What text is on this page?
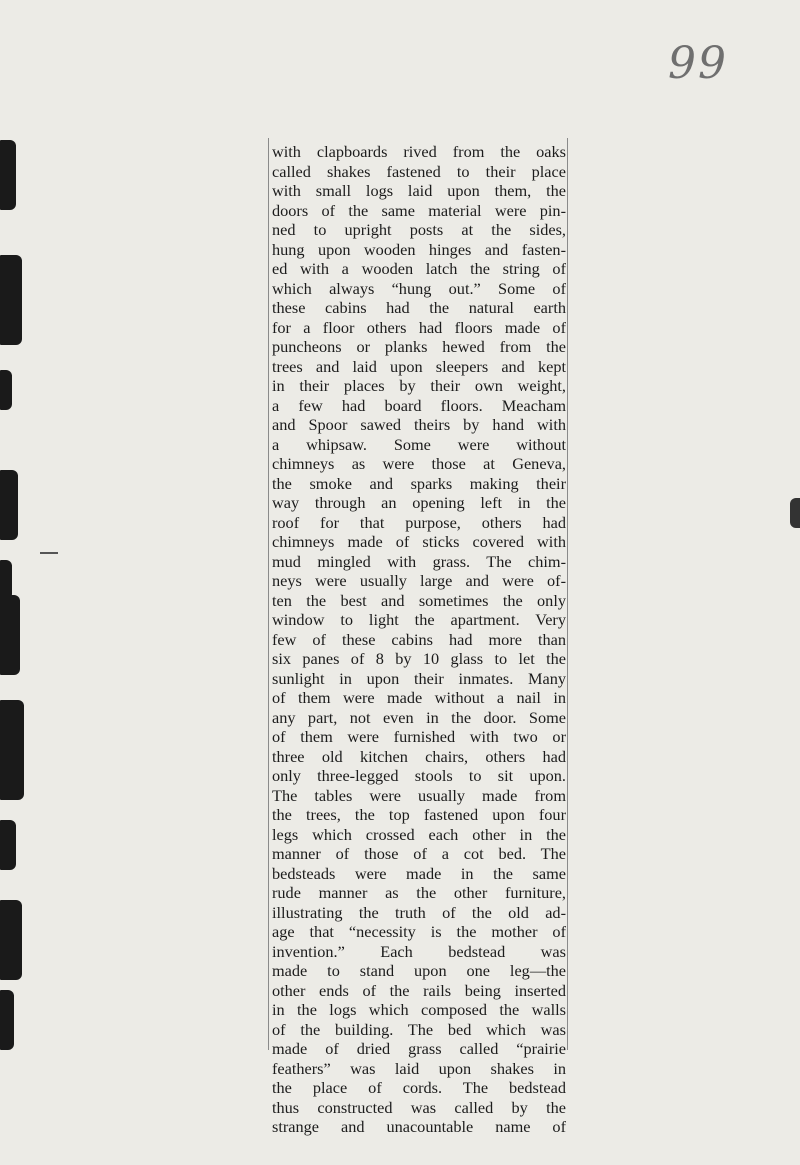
99
with clapboards rived from the oaks
called shakes fastened to their place
with small logs laid upon them, the
doors of the same material were pin-
ned to upright posts at the sides,
hung upon wooden hinges and fasten-
ed with a wooden latch the string of
which always “hung out.” Some of
these cabins had the natural earth
for a floor others had floors made of
puncheons or planks hewed from the
trees and laid upon sleepers and kept
in their places by their own weight,
a few had board floors. Meacham
and Spoor sawed theirs by hand with
a whipsaw. Some were without
chimneys as were those at Geneva,
the smoke and sparks making their
way through an opening left in the
roof for that purpose, others had
chimneys made of sticks covered with
mud mingled with grass. The chim-
neys were usually large and were of-
ten the best and sometimes the only
window to light the apartment. Very
few of these cabins had more than
six panes of 8 by 10 glass to let the
sunlight in upon their inmates. Many
of them were made without a nail in
any part, not even in the door. Some
of them were furnished with two or
three old kitchen chairs, others had
only three-legged stools to sit upon.
The tables were usually made from
the trees, the top fastened upon four
legs which crossed each other in the
manner of those of a cot bed. The
bedsteads were made in the same
rude manner as the other furniture,
illustrating the truth of the old ad-
age that “necessity is the mother of
invention.” Each bedstead was
made to stand upon one leg—the
other ends of the rails being inserted
in the logs which composed the walls
of the building. The bed which was
made of dried grass called “prairie
feathers” was laid upon shakes in
the place of cords. The bedstead
thus constructed was called by the
strange and unacountable name of
